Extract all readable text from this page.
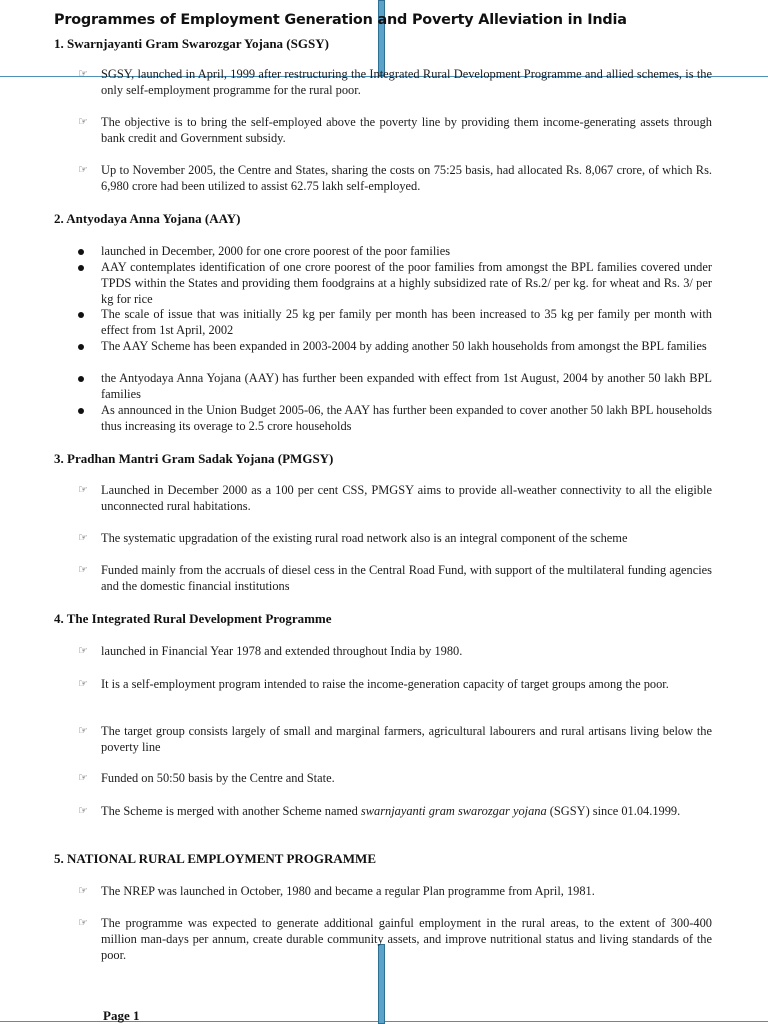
Programmes of Employment Generation and Poverty Alleviation in India
1. Swarnjayanti Gram Swarozgar Yojana (SGSY)
☞ SGSY, launched in April, 1999 after restructuring the Integrated Rural Development Programme and allied schemes, is the only self-employment programme for the rural poor.
☞ The objective is to bring the self-employed above the poverty line by providing them income-generating assets through bank credit and Government subsidy.
☞ Up to November 2005, the Centre and States, sharing the costs on 75:25 basis, had allocated Rs. 8,067 crore, of which Rs. 6,980 crore had been utilized to assist 62.75 lakh self-employed.
2. Antyodaya Anna Yojana (AAY)
launched in December, 2000 for one crore poorest of the poor families
AAY contemplates identification of one crore poorest of the poor families from amongst the BPL families covered under TPDS within the States and providing them foodgrains at a highly subsidized rate of Rs.2/ per kg. for wheat and Rs. 3/ per kg for rice
The scale of issue that was initially 25 kg per family per month has been increased to 35 kg per family per month with effect from 1st April, 2002
The AAY Scheme has been expanded in 2003-2004 by adding another 50 lakh households from amongst the BPL families
the Antyodaya Anna Yojana (AAY) has further been expanded with effect from 1st August, 2004 by another 50 lakh BPL families
As announced in the Union Budget 2005-06, the AAY has further been expanded to cover another 50 lakh BPL households thus increasing its overage to 2.5 crore households
3. Pradhan Mantri Gram Sadak Yojana (PMGSY)
☞ Launched in December 2000 as a 100 per cent CSS, PMGSY aims to provide all-weather connectivity to all the eligible unconnected rural habitations.
☞ The systematic upgradation of the existing rural road network also is an integral component of the scheme
☞ Funded mainly from the accruals of diesel cess in the Central Road Fund, with support of the multilateral funding agencies and the domestic financial institutions
4. The Integrated Rural Development Programme
☞ launched in Financial Year 1978 and extended throughout India by 1980.
☞ It is a self-employment program intended to raise the income-generation capacity of target groups among the poor.
☞ The target group consists largely of small and marginal farmers, agricultural labourers and rural artisans living below the poverty line
☞ Funded on 50:50 basis by the Centre and State.
☞ The Scheme is merged with another Scheme named swarnjayanti gram swarozgar yojana (SGSY) since 01.04.1999.
5. NATIONAL RURAL EMPLOYMENT PROGRAMME
☞ The NREP was launched in October, 1980 and became a regular Plan programme from April, 1981.
☞ The programme was expected to generate additional gainful employment in the rural areas, to the extent of 300-400 million man-days per annum, create durable community assets, and improve nutritional status and living standards of the poor.
Page 1
